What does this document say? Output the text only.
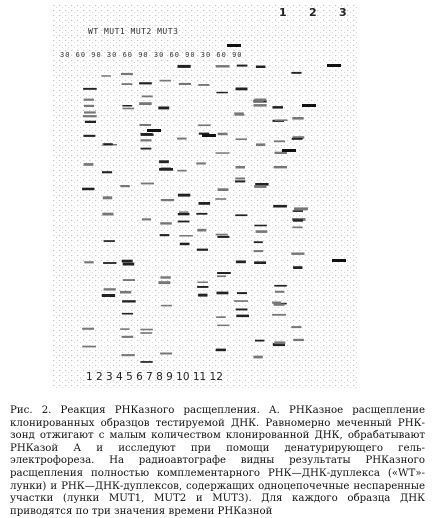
1 2 3
WT MUT1 MUT2 MUT3
30 60 90 30 60 90 30 60 90 30 60 90
1 2 3 4 5 6 7 8 9 10 11 12
Рис. 2. Реакция РНКазного расщепления. А. РНКазное расщепление клонированных образцов тестируемой ДНК. Равномерно меченный РНК-зонд отжигают с малым количеством клонированной ДНК, обрабатывают РНКазой А и исследуют при помощи денатурирующего гель-электрофореза. На радиоавтографе видны результаты РНКазного расщепления полностью комплементарного РНК—ДНК-дуплекса («WT»-лунки) и РНК—ДНК-дуплексов, содержащих одноцепочечные неспаренные участки (лунки MUT1, MUT2 и MUT3). Для каждого образца ДНК приводятся по три значения времени РНКазной
